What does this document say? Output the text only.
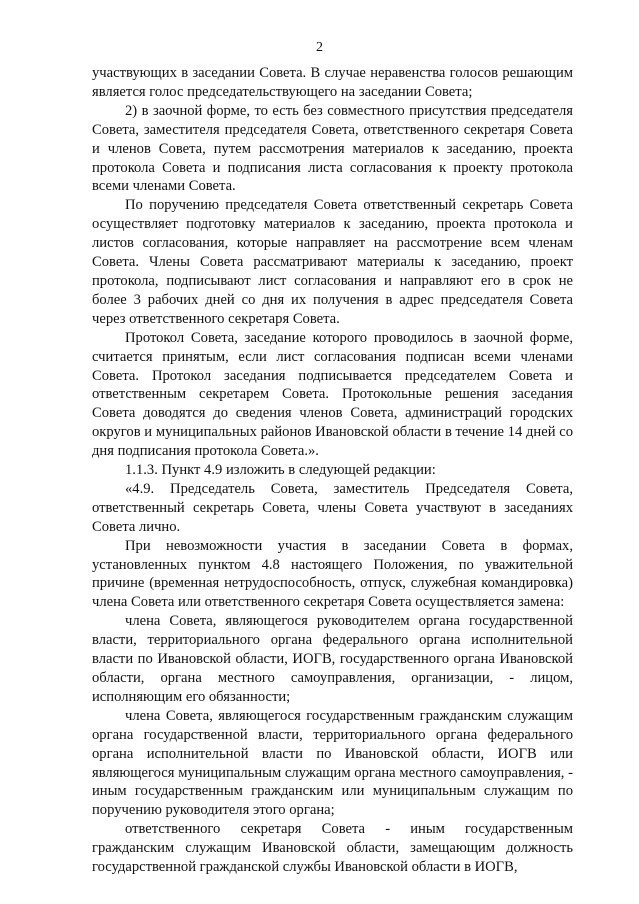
2

участвующих в заседании Совета. В случае неравенства голосов решающим является голос председательствующего на заседании Совета;

2) в заочной форме, то есть без совместного присутствия председателя Совета, заместителя председателя Совета, ответственного секретаря Совета и членов Совета, путем рассмотрения материалов к заседанию, проекта протокола Совета и подписания листа согласования к проекту протокола всеми членами Совета.

По поручению председателя Совета ответственный секретарь Совета осуществляет подготовку материалов к заседанию, проекта протокола и листов согласования, которые направляет на рассмотрение всем членам Совета. Члены Совета рассматривают материалы к заседанию, проект протокола, подписывают лист согласования и направляют его в срок не более 3 рабочих дней со дня их получения в адрес председателя Совета через ответственного секретаря Совета.

Протокол Совета, заседание которого проводилось в заочной форме, считается принятым, если лист согласования подписан всеми членами Совета. Протокол заседания подписывается председателем Совета и ответственным секретарем Совета. Протокольные решения заседания Совета доводятся до сведения членов Совета, администраций городских округов и муниципальных районов Ивановской области в течение 14 дней со дня подписания протокола Совета.».

1.1.3. Пункт 4.9 изложить в следующей редакции:

«4.9. Председатель Совета, заместитель Председателя Совета, ответственный секретарь Совета, члены Совета участвуют в заседаниях Совета лично.

При невозможности участия в заседании Совета в формах, установленных пунктом 4.8 настоящего Положения, по уважительной причине (временная нетрудоспособность, отпуск, служебная командировка) члена Совета или ответственного секретаря Совета осуществляется замена:

члена Совета, являющегося руководителем органа государственной власти, территориального органа федерального органа исполнительной власти по Ивановской области, ИОГВ, государственного органа Ивановской области, органа местного самоуправления, организации, - лицом, исполняющим его обязанности;

члена Совета, являющегося государственным гражданским служащим органа государственной власти, территориального органа федерального органа исполнительной власти по Ивановской области, ИОГВ или являющегося муниципальным служащим органа местного самоуправления, - иным государственным гражданским или муниципальным служащим по поручению руководителя этого органа;

ответственного секретаря Совета - иным государственным гражданским служащим Ивановской области, замещающим должность государственной гражданской службы Ивановской области в ИОГВ,
